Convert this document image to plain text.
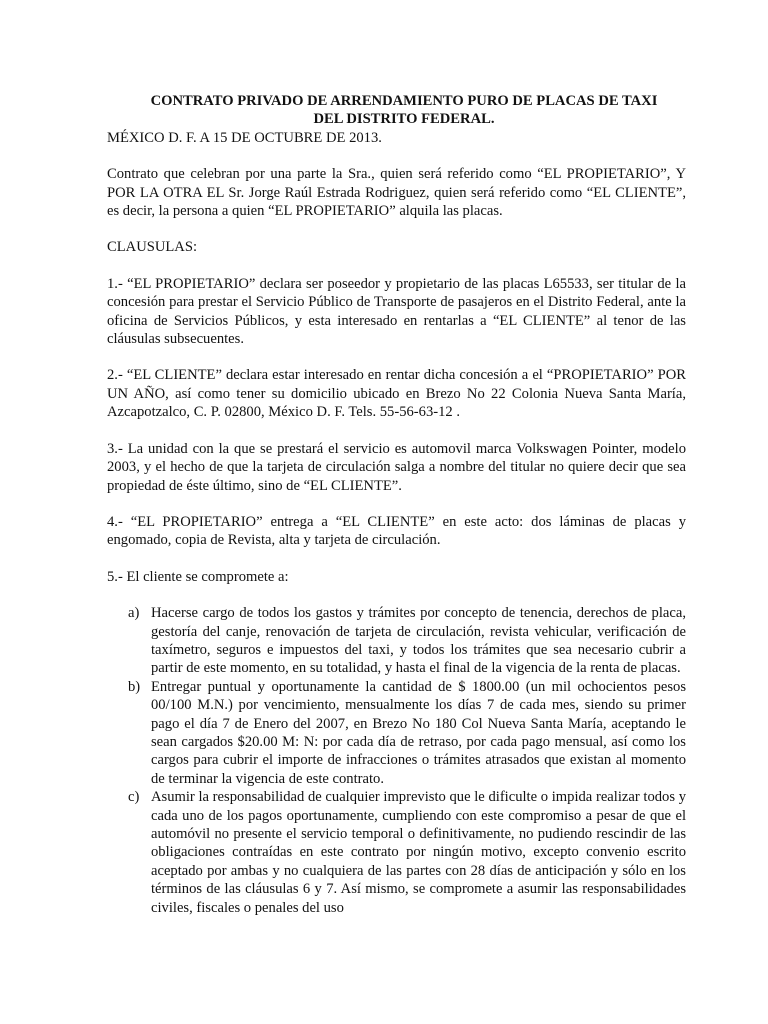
CONTRATO PRIVADO DE ARRENDAMIENTO PURO DE PLACAS DE TAXI

DEL DISTRITO FEDERAL.

MÉXICO D. F. A 15 DE OCTUBRE DE 2013.

Contrato que celebran por una parte la Sra., quien será referido como “EL PROPIETARIO”, Y POR LA OTRA EL Sr. Jorge Raúl Estrada Rodriguez, quien será referido como “EL CLIENTE”, es decir, la persona a quien “EL PROPIETARIO” alquila las placas.

CLAUSULAS:

1.- “EL PROPIETARIO” declara ser poseedor y propietario de las placas L65533, ser titular de la concesión para prestar el Servicio Público de Transporte de pasajeros en el Distrito Federal, ante la oficina de Servicios Públicos, y esta interesado en rentarlas a “EL CLIENTE” al tenor de las cláusulas subsecuentes.

2.- “EL CLIENTE” declara estar interesado en rentar dicha concesión a el “PROPIETARIO” POR UN AÑO, así como tener su domicilio ubicado en Brezo No 22 Colonia Nueva Santa María, Azcapotzalco, C. P. 02800, México D. F. Tels. 55-56-63-12 .

3.- La unidad con la que se prestará el servicio es automovil marca Volkswagen Pointer, modelo 2003, y el hecho de que la tarjeta de circulación salga a nombre del titular no quiere decir que sea propiedad de éste último, sino de “EL CLIENTE”.

4.- “EL PROPIETARIO” entrega a “EL CLIENTE” en este acto: dos láminas de placas y engomado, copia de Revista, alta y tarjeta de circulación.

5.- El cliente se compromete a:

a) Hacerse cargo de todos los gastos y trámites por concepto de tenencia, derechos de placa, gestoría del canje, renovación de tarjeta de circulación, revista vehicular, verificación de taxímetro, seguros e impuestos del taxi, y todos los trámites que sea necesario cubrir a partir de este momento, en su totalidad, y hasta el final de la vigencia de la renta de placas.
b) Entregar puntual y oportunamente la cantidad de $ 1800.00 (un mil ochocientos pesos 00/100 M.N.) por vencimiento, mensualmente los días 7 de cada mes, siendo su primer pago el día 7 de Enero del 2007, en Brezo No 180 Col Nueva Santa María, aceptando le sean cargados $20.00 M: N: por cada día de retraso, por cada pago mensual, así como los cargos para cubrir el importe de infracciones o trámites atrasados que existan al momento de terminar la vigencia de este contrato.
c) Asumir la responsabilidad de cualquier imprevisto que le dificulte o impida realizar todos y cada uno de los pagos oportunamente, cumpliendo con este compromiso a pesar de que el automóvil no presente el servicio temporal o definitivamente, no pudiendo rescindir de las obligaciones contraídas en este contrato por ningún motivo, excepto convenio escrito aceptado por ambas y no cualquiera de las partes con 28 días de anticipación y sólo en los términos de las cláusulas 6 y 7. Así mismo, se compromete a asumir las responsabilidades civiles, fiscales o penales del uso
